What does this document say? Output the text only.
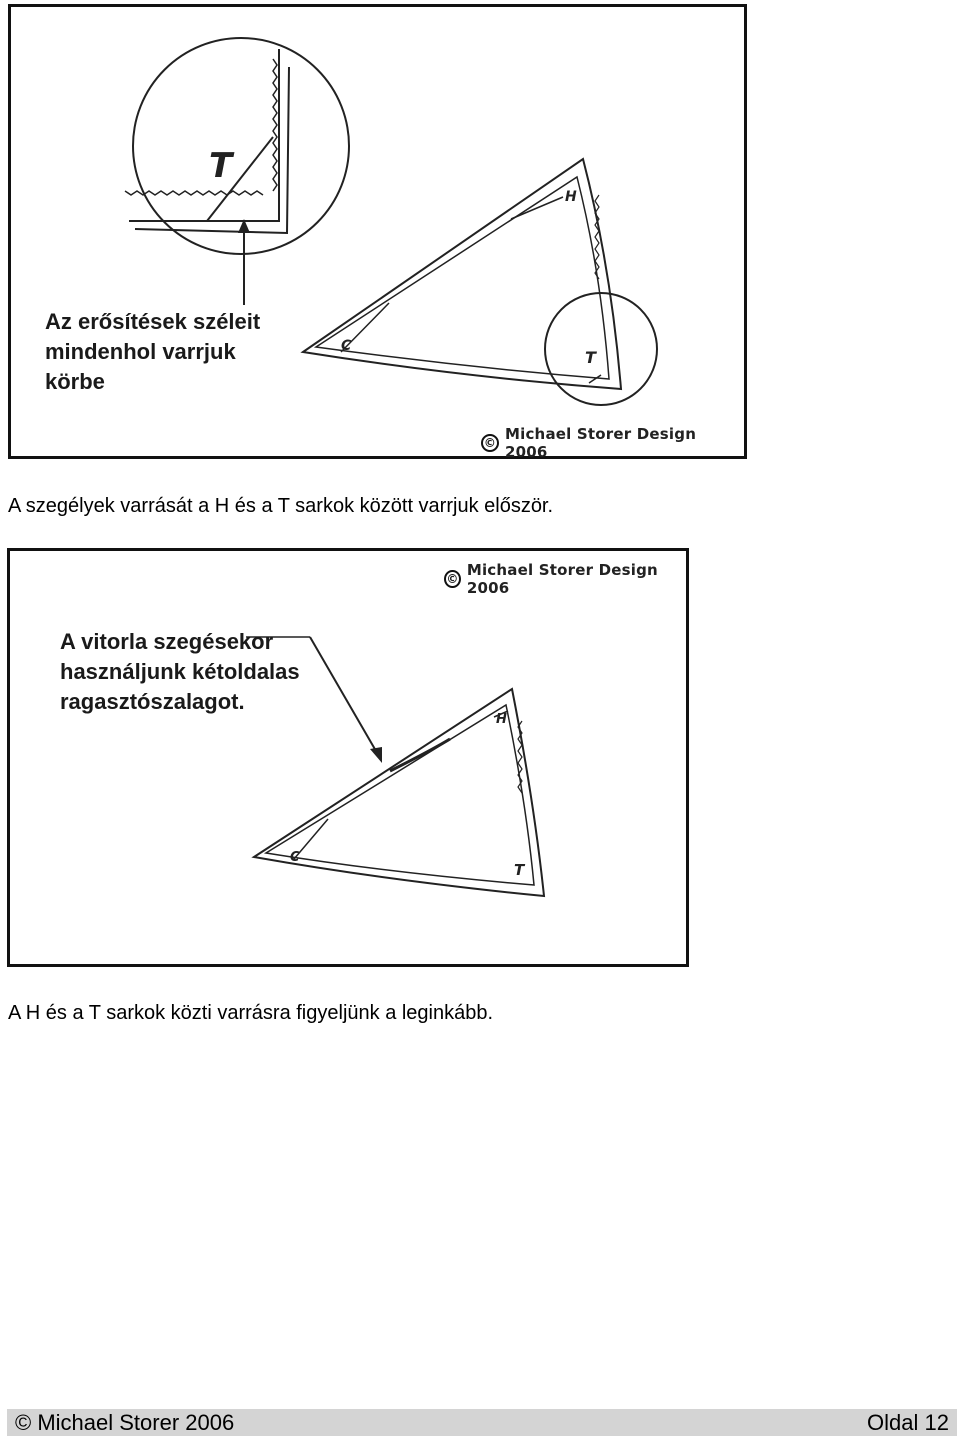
H
C
T
T
Az erősítések széleit
mindenhol varrjuk
körbe
© Michael Storer Design 2006
A szegélyek varrását a H és a T sarkok között varrjuk először.
H
C
T
A vitorla szegésekor
használjunk kétoldalas
ragasztószalagot.
© Michael Storer Design 2006
A H és a T sarkok közti varrásra figyeljünk a leginkább.
© Michael Storer 2006	Oldal 12
